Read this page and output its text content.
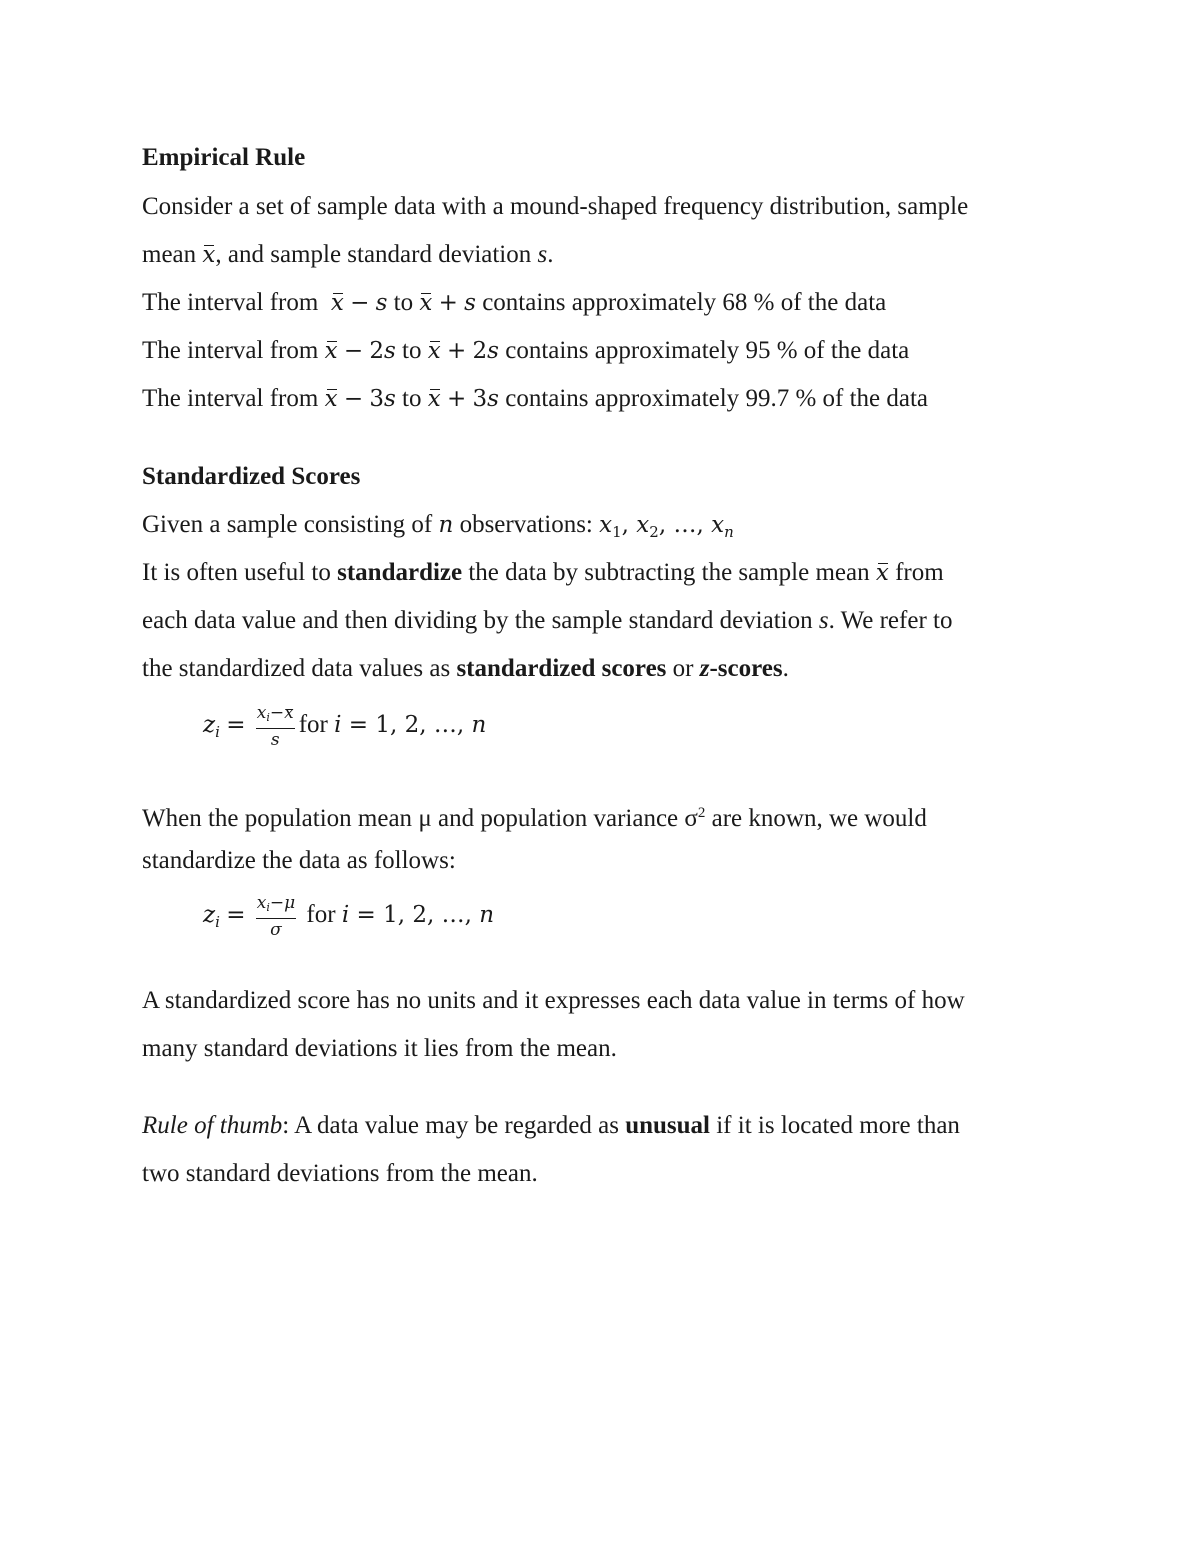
Empirical Rule
Consider a set of sample data with a mound-shaped frequency distribution, sample
mean x, and sample standard deviation s.
The interval from x − s to x + s contains approximately 68 % of the data
The interval from x − 2s to x + 2s contains approximately 95 % of the data
The interval from x − 3s to x + 3s contains approximately 99.7 % of the data
Standardized Scores
Given a sample consisting of n observations: $x_1$, $x_2$, …, $x_n$
It is often useful to standardize the data by subtracting the sample mean x from
each data value and then dividing by the sample standard deviation s. We refer to
the standardized data values as standardized scores or z-scores.
$z_i = \frac{xi-x}{s}$ for i = 1, 2, …, n
When the population mean μ and population variance $\sigma^2$ are known, we would
standardize the data as follows:
$z_i = \frac{xi-\mu}{\sigma}$ for i = 1, 2, …, n
A standardized score has no units and it expresses each data value in terms of how
many standard deviations it lies from the mean.
Rule of thumb: A data value may be regarded as unusual if it is located more than
two standard deviations from the mean.
